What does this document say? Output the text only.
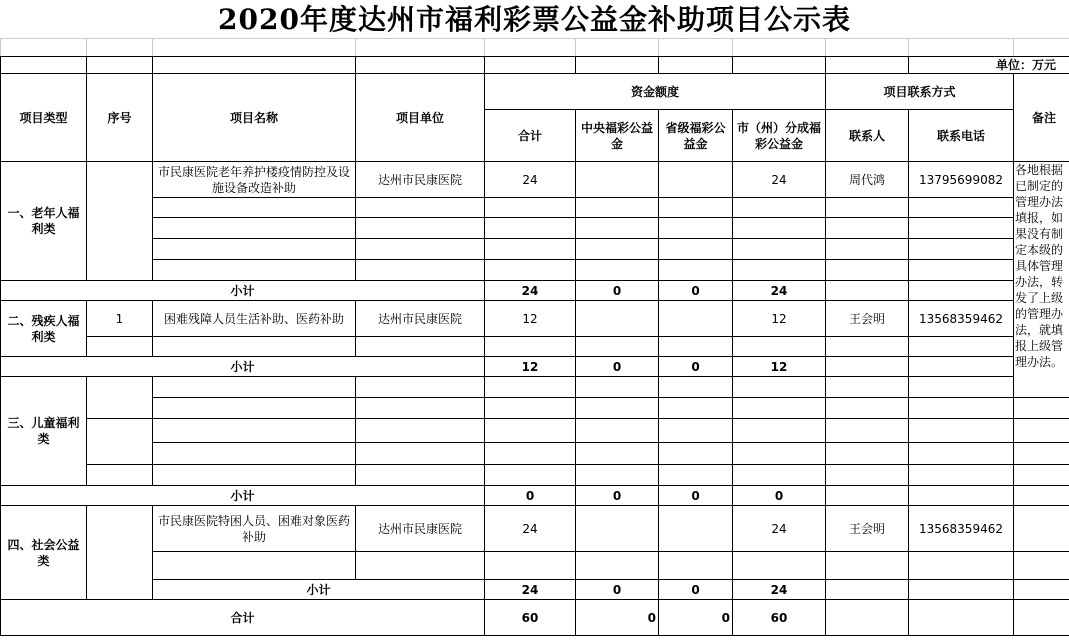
2020年度达州市福利彩票公益金补助项目公示表

									单位：万元		
项目类型	序号	项目名称	项目单位	资金额度				项目联系方式		备注	
				合计	中央福彩公益金	省级福彩公益金	市（州）分成福彩公益金	联系人	联系电话		
一、老年人福利类		市民康医院老年养护楼疫情防控及设施设备改造补助	达州市民康医院	24			24	周代鸿	13795699082	各地根据已制定的管理办法填报，如果没有制定本级的具体管理办法，转发了上级的管理办法，就填报上级管理办法。	

小计				24	0	0	24				
二、残疾人福利类	1	困难残障人员生活补助、医药补助	达州市民康医院	12			12	王会明	13568359462		

小计				12	0	0	12				
三、儿童福利类											

小计				0	0	0	0				
四、社会公益类		市民康医院特困人员、困难对象医药补助	达州市民康医院	24			24	王会明	13568359462		

		小计		24	0	0	24				
合计				60	0	0	60				
